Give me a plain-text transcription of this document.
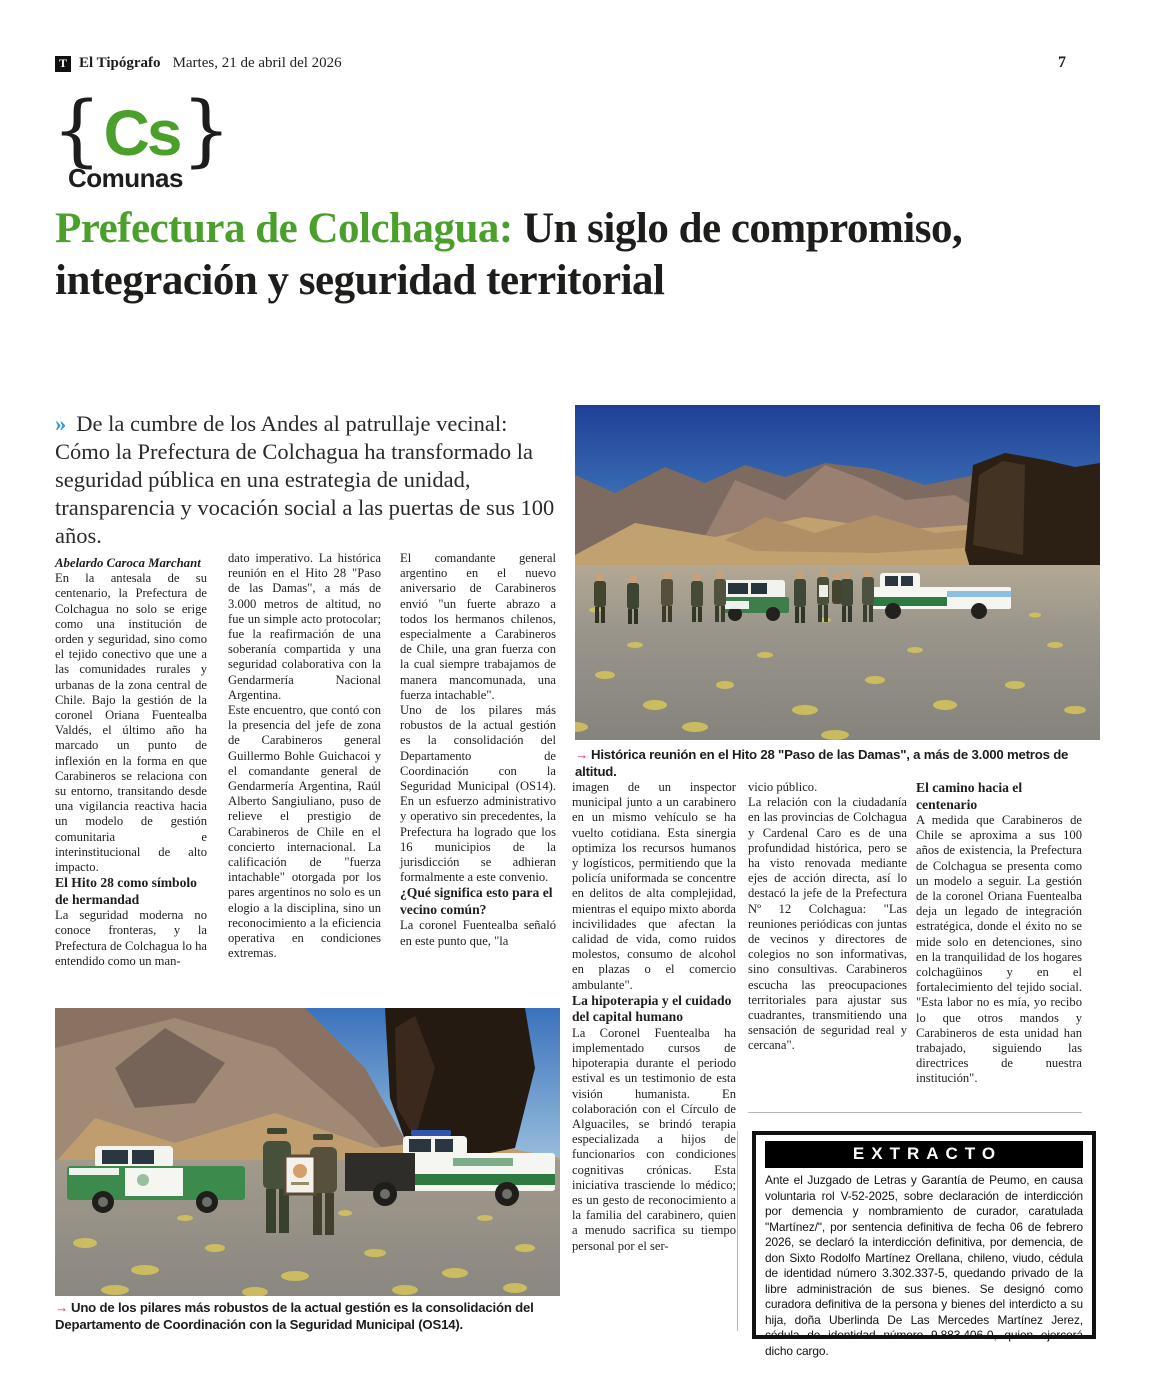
T El Tipógrafo Martes, 21 de abril del 2026	7
{ Cs }
Comunas
Prefectura de Colchagua: Un siglo de compromiso, integración y seguridad territorial
» De la cumbre de los Andes al patrullaje vecinal: Cómo la Prefectura de Colchagua ha transformado la seguridad pública en una estrategia de unidad, transparencia y vocación social a las puertas de sus 100 años.

Abelardo Caroca Marchant

En la antesala de su centenario, la Prefectura de Colchagua no solo se erige como una institución de orden y seguridad, sino como el tejido conectivo que une a las comunidades rurales y urbanas de la zona central de Chile. Bajo la gestión de la coronel Oriana Fuentealba Valdés, el último año ha marcado un punto de inflexión en la forma en que Carabineros se relaciona con su entorno, transitando desde una vigilancia reactiva hacia un modelo de gestión comunitaria e interinstitucional de alto impacto.

El Hito 28 como símbolo de hermandad

La seguridad moderna no conoce fronteras, y la Prefectura de Colchagua lo ha entendido como un man-

dato imperativo. La histórica reunión en el Hito 28 "Paso de las Damas", a más de 3.000 metros de altitud, no fue un simple acto protocolar; fue la reafirmación de una soberanía compartida y una seguridad colaborativa con la Gendarmería Nacional Argentina.

Este encuentro, que contó con la presencia del jefe de zona de Carabineros general Guillermo Bohle Guichacoi y el comandante general de Gendarmería Argentina, Raúl Alberto Sangiuliano, puso de relieve el prestigio de Carabineros de Chile en el concierto internacional. La calificación de "fuerza intachable" otorgada por los pares argentinos no solo es un elogio a la disciplina, sino un reconocimiento a la eficiencia operativa en condiciones extremas.

El comandante general argentino en el nuevo aniversario de Carabineros envió "un fuerte abrazo a todos los hermanos chilenos, especialmente a Carabineros de Chile, una gran fuerza con la cual siempre trabajamos de manera mancomunada, una fuerza intachable".

Uno de los pilares más robustos de la actual gestión es la consolidación del Departamento de Coordinación con la Seguridad Municipal (OS14). En un esfuerzo administrativo y operativo sin precedentes, la Prefectura ha logrado que los 16 municipios de la jurisdicción se adhieran formalmente a este convenio.

¿Qué significa esto para el vecino común?

La coronel Fuentealba señaló en este punto que, "la

→ Histórica reunión en el Hito 28 "Paso de las Damas", a más de 3.000 metros de altitud.

imagen de un inspector municipal junto a un carabinero en un mismo vehículo se ha vuelto cotidiana. Esta sinergia optimiza los recursos humanos y logísticos, permitiendo que la policía uniformada se concentre en delitos de alta complejidad, mientras el equipo mixto aborda incivilidades que afectan la calidad de vida, como ruidos molestos, consumo de alcohol en plazas o el comercio ambulante".

La hipoterapia y el cuidado del capital humano

La Coronel Fuentealba ha implementado cursos de hipoterapia durante el periodo estival es un testimonio de esta visión humanista. En colaboración con el Círculo de Alguaciles, se brindó terapia especializada a hijos de funcionarios con condiciones cognitivas crónicas. Esta iniciativa trasciende lo médico; es un gesto de reconocimiento a la familia del carabinero, quien a menudo sacrifica su tiempo personal por el ser-

vicio público.

La relación con la ciudadanía en las provincias de Colchagua y Cardenal Caro es de una profundidad histórica, pero se ha visto renovada mediante ejes de acción directa, así lo destacó la jefe de la Prefectura Nº 12 Colchagua: "Las reuniones periódicas con juntas de vecinos y directores de colegios no son informativas, sino consultivas. Carabineros escucha las preocupaciones territoriales para ajustar sus cuadrantes, transmitiendo una sensación de seguridad real y cercana".

El camino hacia el centenario

A medida que Carabineros de Chile se aproxima a sus 100 años de existencia, la Prefectura de Colchagua se presenta como un modelo a seguir. La gestión de la coronel Oriana Fuentealba deja un legado de integración estratégica, donde el éxito no se mide solo en detenciones, sino en la tranquilidad de los hogares colchagüinos y en el fortalecimiento del tejido social. "Esta labor no es mía, yo recibo lo que otros mandos y Carabineros de esta unidad han trabajado, siguiendo las directrices de nuestra institución".

→ Uno de los pilares más robustos de la actual gestión es la consolidación del Departamento de Coordinación con la Seguridad Municipal (OS14).
EXTRACTO
Ante el Juzgado de Letras y Garantía de Peumo, en causa voluntaria rol V-52-2025, sobre declaración de interdicción por demencia y nombramiento de curador, caratulada "Martínez/", por sentencia definitiva de fecha 06 de febrero 2026, se declaró la interdicción definitiva, por demencia, de don Sixto Rodolfo Martínez Orellana, chileno, viudo, cédula de identidad número 3.302.337-5, quedando privado de la libre administración de sus bienes. Se designó como curadora definitiva de la persona y bienes del interdicto a su hija, doña Uberlinda De Las Mercedes Martínez Jerez, cédula de identidad número 9.883.406-0, quien ejercerá dicho cargo.
